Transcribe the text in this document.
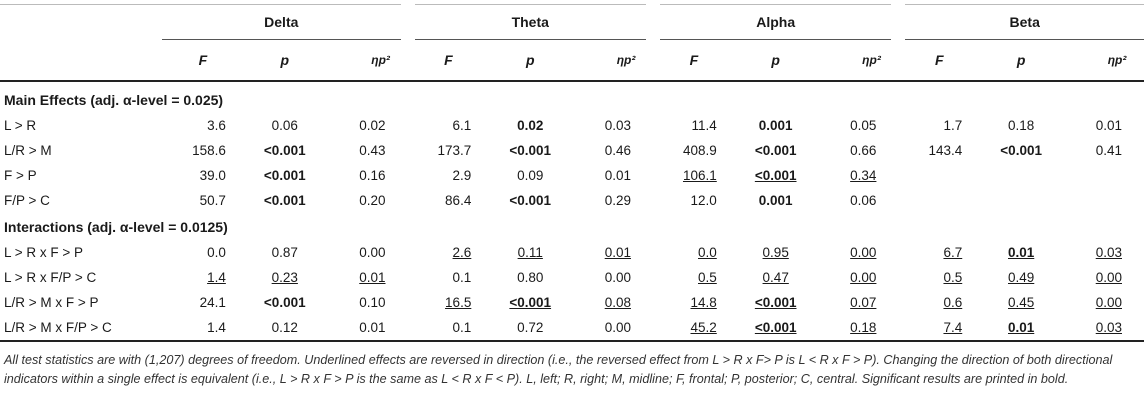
	Delta			Theta			Alpha			Beta		
	F	p	ηp²	F	p	ηp²	F	p	ηp²	F	p	ηp²
Main Effects (adj. α-level = 0.025)												
L > R	3.6	0.06	0.02	6.1	0.02	0.03	11.4	0.001	0.05	1.7	0.18	0.01
L/R > M	158.6	<0.001	0.43	173.7	<0.001	0.46	408.9	<0.001	0.66	143.4	<0.001	0.41
F > P	39.0	<0.001	0.16	2.9	0.09	0.01	106.1	<0.001	0.34			
F/P > C	50.7	<0.001	0.20	86.4	<0.001	0.29	12.0	0.001	0.06			
Interactions (adj. α-level = 0.0125)												
L > R x F > P	0.0	0.87	0.00	2.6	0.11	0.01	0.0	0.95	0.00	6.7	0.01	0.03
L > R x F/P > C	1.4	0.23	0.01	0.1	0.80	0.00	0.5	0.47	0.00	0.5	0.49	0.00
L/R > M x F > P	24.1	<0.001	0.10	16.5	<0.001	0.08	14.8	<0.001	0.07	0.6	0.45	0.00
L/R > M x F/P > C	1.4	0.12	0.01	0.1	0.72	0.00	45.2	<0.001	0.18	7.4	0.01	0.03

All test statistics are with (1,207) degrees of freedom. Underlined effects are reversed in direction (i.e., the reversed effect from L > R x F> P is L < R x F > P). Changing the direction of both directional indicators within a single effect is equivalent (i.e., L > R x F > P is the same as L < R x F < P). L, left; R, right; M, midline; F, frontal; P, posterior; C, central. Significant results are printed in bold.
